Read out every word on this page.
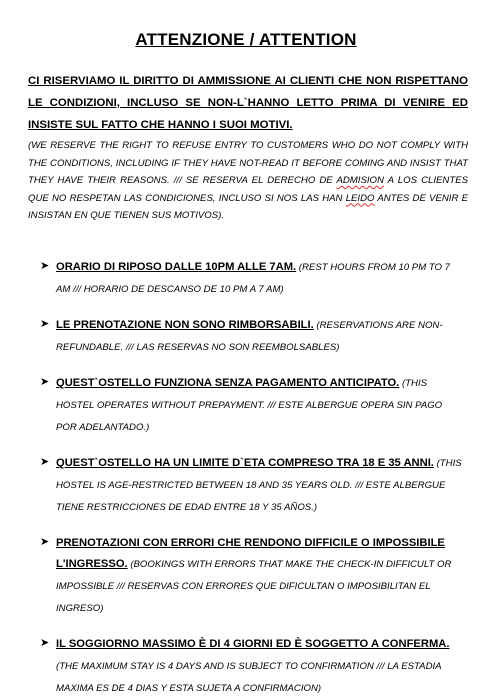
ATTENZIONE / ATTENTION
CI RISERVIAMO IL DIRITTO DI AMMISSIONE AI CLIENTI CHE NON RISPETTANO LE CONDIZIONI, INCLUSO SE NON-L`HANNO LETTO PRIMA DI VENIRE ED INSISTE SUL FATTO CHE HANNO I SUOI MOTIVI.
(WE RESERVE THE RIGHT TO REFUSE ENTRY TO CUSTOMERS WHO DO NOT COMPLY WITH THE CONDITIONS, INCLUDING IF THEY HAVE NOT-READ IT BEFORE COMING AND INSIST THAT THEY HAVE THEIR REASONS. /// SE RESERVA EL DERECHO DE ADMISION A LOS CLIENTES QUE NO RESPETAN LAS CONDICIONES, INCLUSO SI NOS LAS HAN LEIDO ANTES DE VENIR E INSISTAN EN QUE TIENEN SUS MOTIVOS).
➤ ORARIO DI RIPOSO DALLE 10PM ALLE 7AM. (REST HOURS FROM 10 PM TO 7 AM /// HORARIO DE DESCANSO DE 10 PM A 7 AM)
➤ LE PRENOTAZIONE NON SONO RIMBORSABILI. (RESERVATIONS ARE NON-REFUNDABLE. /// LAS RESERVAS NO SON REEMBOLSABLES)
➤ QUEST`OSTELLO FUNZIONA SENZA PAGAMENTO ANTICIPATO. (THIS HOSTEL OPERATES WITHOUT PREPAYMENT. /// ESTE ALBERGUE OPERA SIN PAGO POR ADELANTADO.)
➤ QUEST`OSTELLO HA UN LIMITE D`ETA COMPRESO TRA 18 E 35 ANNI. (THIS HOSTEL IS AGE-RESTRICTED BETWEEN 18 AND 35 YEARS OLD. /// ESTE ALBERGUE TIENE RESTRICCIONES DE EDAD ENTRE 18 Y 35 AÑOS.)
➤ PRENOTAZIONI CON ERRORI CHE RENDONO DIFFICILE O IMPOSSIBILE L'INGRESSO. (BOOKINGS WITH ERRORS THAT MAKE THE CHECK-IN DIFFICULT OR IMPOSSIBLE /// RESERVAS CON ERRORES QUE DIFICULTAN O IMPOSIBILITAN EL INGRESO)
➤ IL SOGGIORNO MASSIMO È DI 4 GIORNI ED È SOGGETTO A CONFERMA. (THE MAXIMUM STAY IS 4 DAYS AND IS SUBJECT TO CONFIRMATION /// LA ESTADIA MAXIMA ES DE 4 DIAS Y ESTA SUJETA A CONFIRMACION)
